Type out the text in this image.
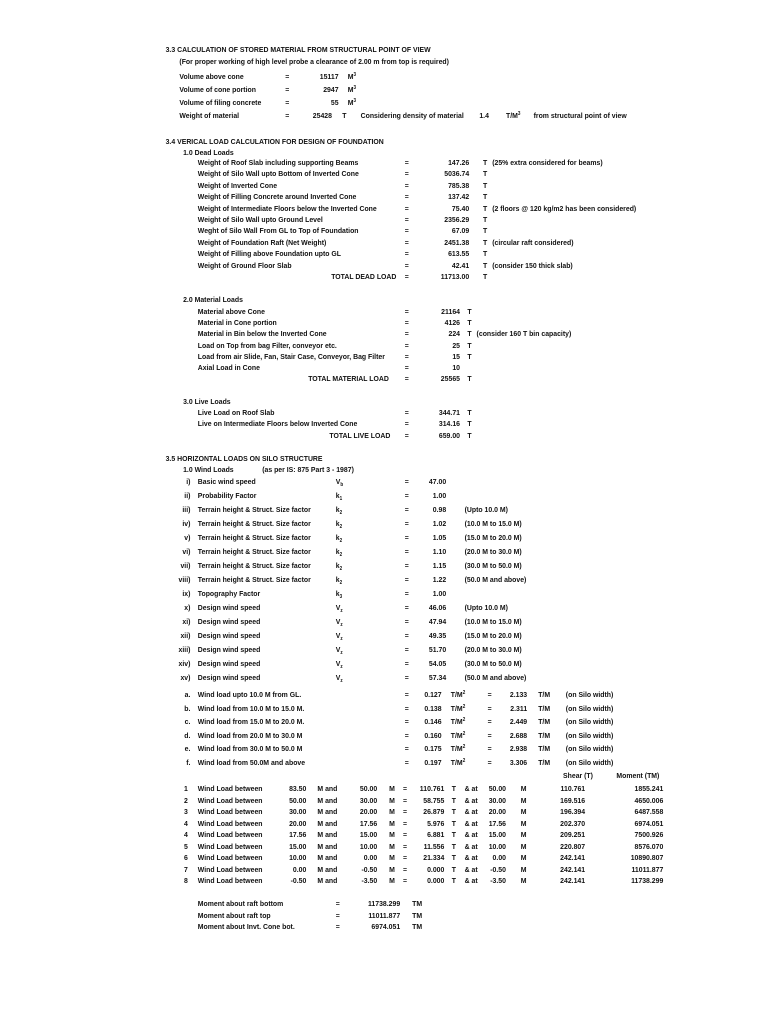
3.3 CALCULATION OF STORED MATERIAL FROM STRUCTURAL POINT OF VIEW
(For proper working of high level probe a clearance of 2.00 m from top is required)
Volume above cone	=	15117 $M^3$
Volume of cone portion	=	2947 $M^3$
Volume of filing concrete	=	55 $M^3$
Weight of material	=	25428 T Considering density of material 1.4 $T/M^3$ from structural point of view
3.4 VERICAL LOAD CALCULATION FOR DESIGN OF FOUNDATION
1.0 Dead Loads
Weight of Roof Slab including supporting Beams	=	147.26 T (25% extra considered for beams)
Weight of Silo Wall upto Bottom of Inverted Cone	=	5036.74 T
Weight of Inverted Cone	=	785.38 T
Weight of Filling Concrete around Inverted Cone	=	137.42 T
Weight of Intermediate Floors below the Inverted Cone	=	75.40 T (2 floors @ 120 kg/m2 has been considered)
Weight of Silo Wall upto Ground Level	=	2356.29 T
Weght of Silo Wall From GL to Top of Foundation	=	67.09 T
Weight of Foundation Raft (Net Weight)	=	2451.38 T (circular raft considered)
Weight of Filling above Foundation upto GL	=	613.55 T
Weight of Ground Floor Slab	=	42.41 T (consider 150 thick slab)
TOTAL DEAD LOAD =	11713.00 T
2.0 Material Loads
Material above Cone	=	21164 T
Material in Cone portion	=	4126 T
Material in Bin below the Inverted Cone	=	224 T (consider 160 T bin capacity)
Load on Top from bag Filter, conveyor etc.	=	25 T
Load from air Slide, Fan, Stair Case, Conveyor, Bag Filter	=	15 T
Axial Load in Cone	=	10
TOTAL MATERIAL LOAD =	25565 T
3.0 Live Loads
Live Load on Roof Slab	=	344.71 T
Live on Intermediate Floors below Inverted Cone	=	314.16 T
TOTAL LIVE LOAD =	659.00 T
3.5 HORIZONTAL LOADS ON SILO STRUCTURE
1.0 Wind Loads	(as per IS: 875 Part 3 - 1987)
i) Basic wind speed	$V_b$	=	47.00
ii) Probability Factor	$k_1$	=	1.00
iii) Terrain height & Struct. Size factor	$k_2$	=	0.98 (Upto 10.0 M)
iv) Terrain height & Struct. Size factor	$k_2$	=	1.02 (10.0 M to 15.0 M)
v) Terrain height & Struct. Size factor	$k_2$	=	1.05 (15.0 M to 20.0 M)
vi) Terrain height & Struct. Size factor	$k_2$	=	1.10 (20.0 M to 30.0 M)
vii) Terrain height & Struct. Size factor	$k_2$	=	1.15 (30.0 M to 50.0 M)
viii) Terrain height & Struct. Size factor	$k_2$	=	1.22 (50.0 M and above)
ix) Topography Factor	$k_3$	=	1.00
x) Design wind speed	$V_z$	=	46.06 (Upto 10.0 M)
xi) Design wind speed	$V_z$	=	47.94 (10.0 M to 15.0 M)
xii) Design wind speed	$V_z$	=	49.35 (15.0 M to 20.0 M)
xiii) Design wind speed	$V_z$	=	51.70 (20.0 M to 30.0 M)
xiv) Design wind speed	$V_z$	=	54.05 (30.0 M to 50.0 M)
xv) Design wind speed	$V_z$	=	57.34 (50.0 M and above)
a. Wind load upto 10.0 M from GL.	=	0.127 $T/M^2$	=	2.133 T/M (on Silo width)
b. Wind load from 10.0 M to 15.0 M.	=	0.138 $T/M^2$	=	2.311 T/M (on Silo width)
c. Wind load from 15.0 M to 20.0 M.	=	0.146 $T/M^2$	=	2.449 T/M (on Silo width)
d. Wind load from 20.0 M to 30.0 M	=	0.160 $T/M^2$	=	2.688 T/M (on Silo width)
e. Wind load from 30.0 M to 50.0 M	=	0.175 $T/M^2$	=	2.938 T/M (on Silo width)
f. Wind load from 50.0M and above	=	0.197 $T/M^2$	=	3.306 T/M (on Silo width)
Shear (T)	Moment (TM)
1 Wind Load between	83.50 M and	50.00 M =	110.761 T & at	50.00 M	110.761	1855.241
2 Wind Load between	50.00 M and	30.00 M =	58.755 T & at	30.00 M	169.516	4650.006
3 Wind Load between	30.00 M and	20.00 M =	26.879 T & at	20.00 M	196.394	6487.558
4 Wind Load between	20.00 M and	17.56 M =	5.976 T & at	17.56 M	202.370	6974.051
4 Wind Load between	17.56 M and	15.00 M =	6.881 T & at	15.00 M	209.251	7500.926
5 Wind Load between	15.00 M and	10.00 M =	11.556 T & at	10.00 M	220.807	8576.070
6 Wind Load between	10.00 M and	0.00 M =	21.334 T & at	0.00 M	242.141	10890.807
7 Wind Load between	0.00 M and	-0.50 M =	0.000 T & at	-0.50 M	242.141	11011.877
8 Wind Load between	-0.50 M and	-3.50 M =	0.000 T & at	-3.50 M	242.141	11738.299
Moment about raft bottom	=	11738.299 TM
Moment about raft top	=	11011.877 TM
Moment about Invt. Cone bot.	=	6974.051 TM
